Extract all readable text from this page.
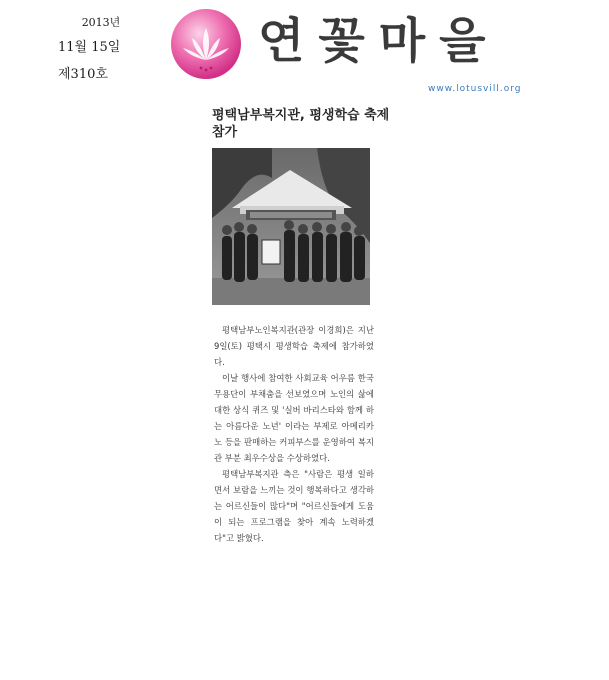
2013년
11월 15일
제310호
연꽃마을
www.lotusvill.org
평택남부복지관, 평생학습 축제 참가

평택남부노인복지관(관장 이경희)은 지난 9일(토) 평택시 평생학습 축제에 참가하였다.

이날 행사에 참여한 사회교육 어우름 한국무용단이 부채춤을 선보였으며 노인의 삶에 대한 상식 퀴즈 및 '실버 바리스타와 함께 하는 아름다운 노년' 이라는 부제로 아메리카노 등을 판매하는 커피부스를 운영하여 복지관 부분 최우수상을 수상하였다.

평택남부복지관 측은 "사람은 평생 일하면서 보람을 느끼는 것이 행복하다고 생각하는 어르신들이 많다"며 "어르신들에게 도움이 되는 프로그램을 찾아 계속 노력하겠다"고 밝혔다.
